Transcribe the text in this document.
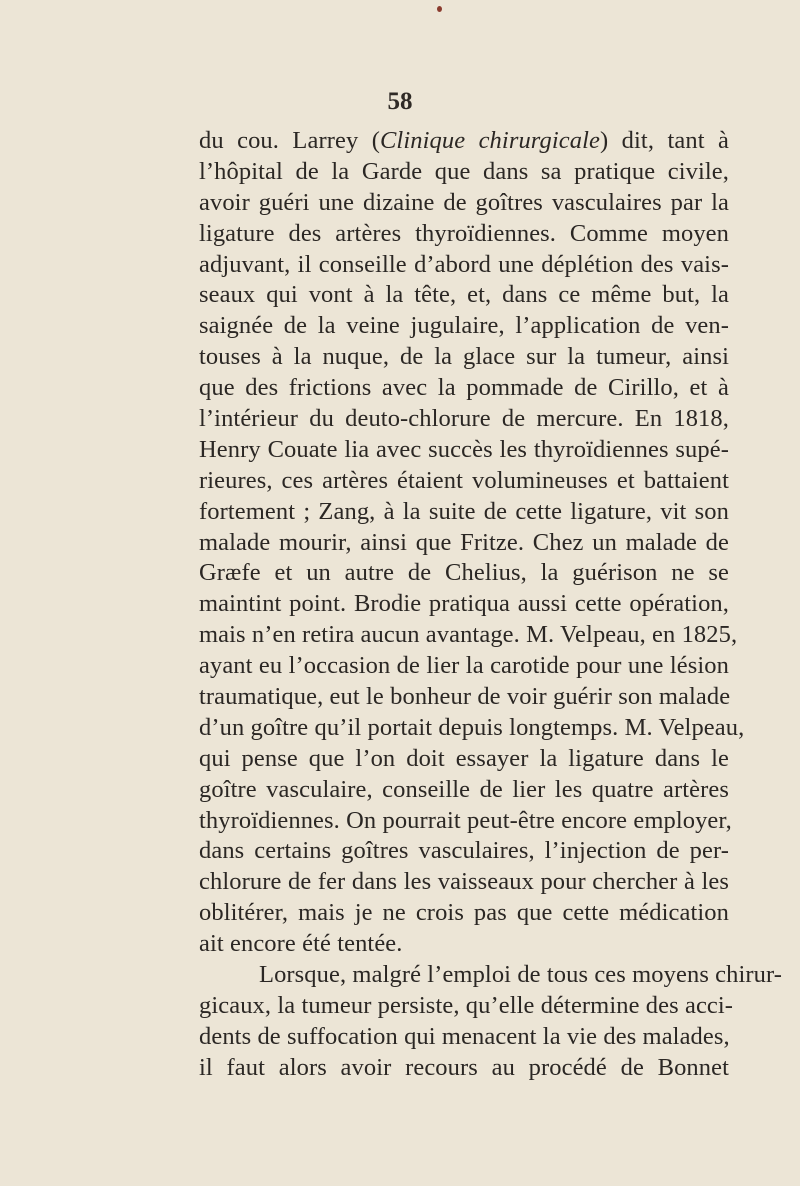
58
du cou. Larrey (Clinique chirurgicale) dit, tant à
l’hôpital de la Garde que dans sa pratique civile,
avoir guéri une dizaine de goîtres vasculaires par la
ligature des artères thyroïdiennes. Comme moyen
adjuvant, il conseille d’abord une déplétion des vais-
seaux qui vont à la tête, et, dans ce même but, la
saignée de la veine jugulaire, l’application de ven-
touses à la nuque, de la glace sur la tumeur, ainsi
que des frictions avec la pommade de Cirillo, et à
l’intérieur du deuto-chlorure de mercure. En 1818,
Henry Couate lia avec succès les thyroïdiennes supé-
rieures, ces artères étaient volumineuses et battaient
fortement ; Zang, à la suite de cette ligature, vit son
malade mourir, ainsi que Fritze. Chez un malade de
Græfe et un autre de Chelius, la guérison ne se
maintint point. Brodie pratiqua aussi cette opération,
mais n’en retira aucun avantage. M. Velpeau, en 1825,
ayant eu l’occasion de lier la carotide pour une lésion
traumatique, eut le bonheur de voir guérir son malade
d’un goître qu’il portait depuis longtemps. M. Velpeau,
qui pense que l’on doit essayer la ligature dans le
goître vasculaire, conseille de lier les quatre artères
thyroïdiennes. On pourrait peut-être encore employer,
dans certains goîtres vasculaires, l’injection de per-
chlorure de fer dans les vaisseaux pour chercher à les
oblitérer, mais je ne crois pas que cette médication
ait encore été tentée.
Lorsque, malgré l’emploi de tous ces moyens chirur-
gicaux, la tumeur persiste, qu’elle détermine des acci-
dents de suffocation qui menacent la vie des malades,
il faut alors avoir recours au procédé de Bonnet
